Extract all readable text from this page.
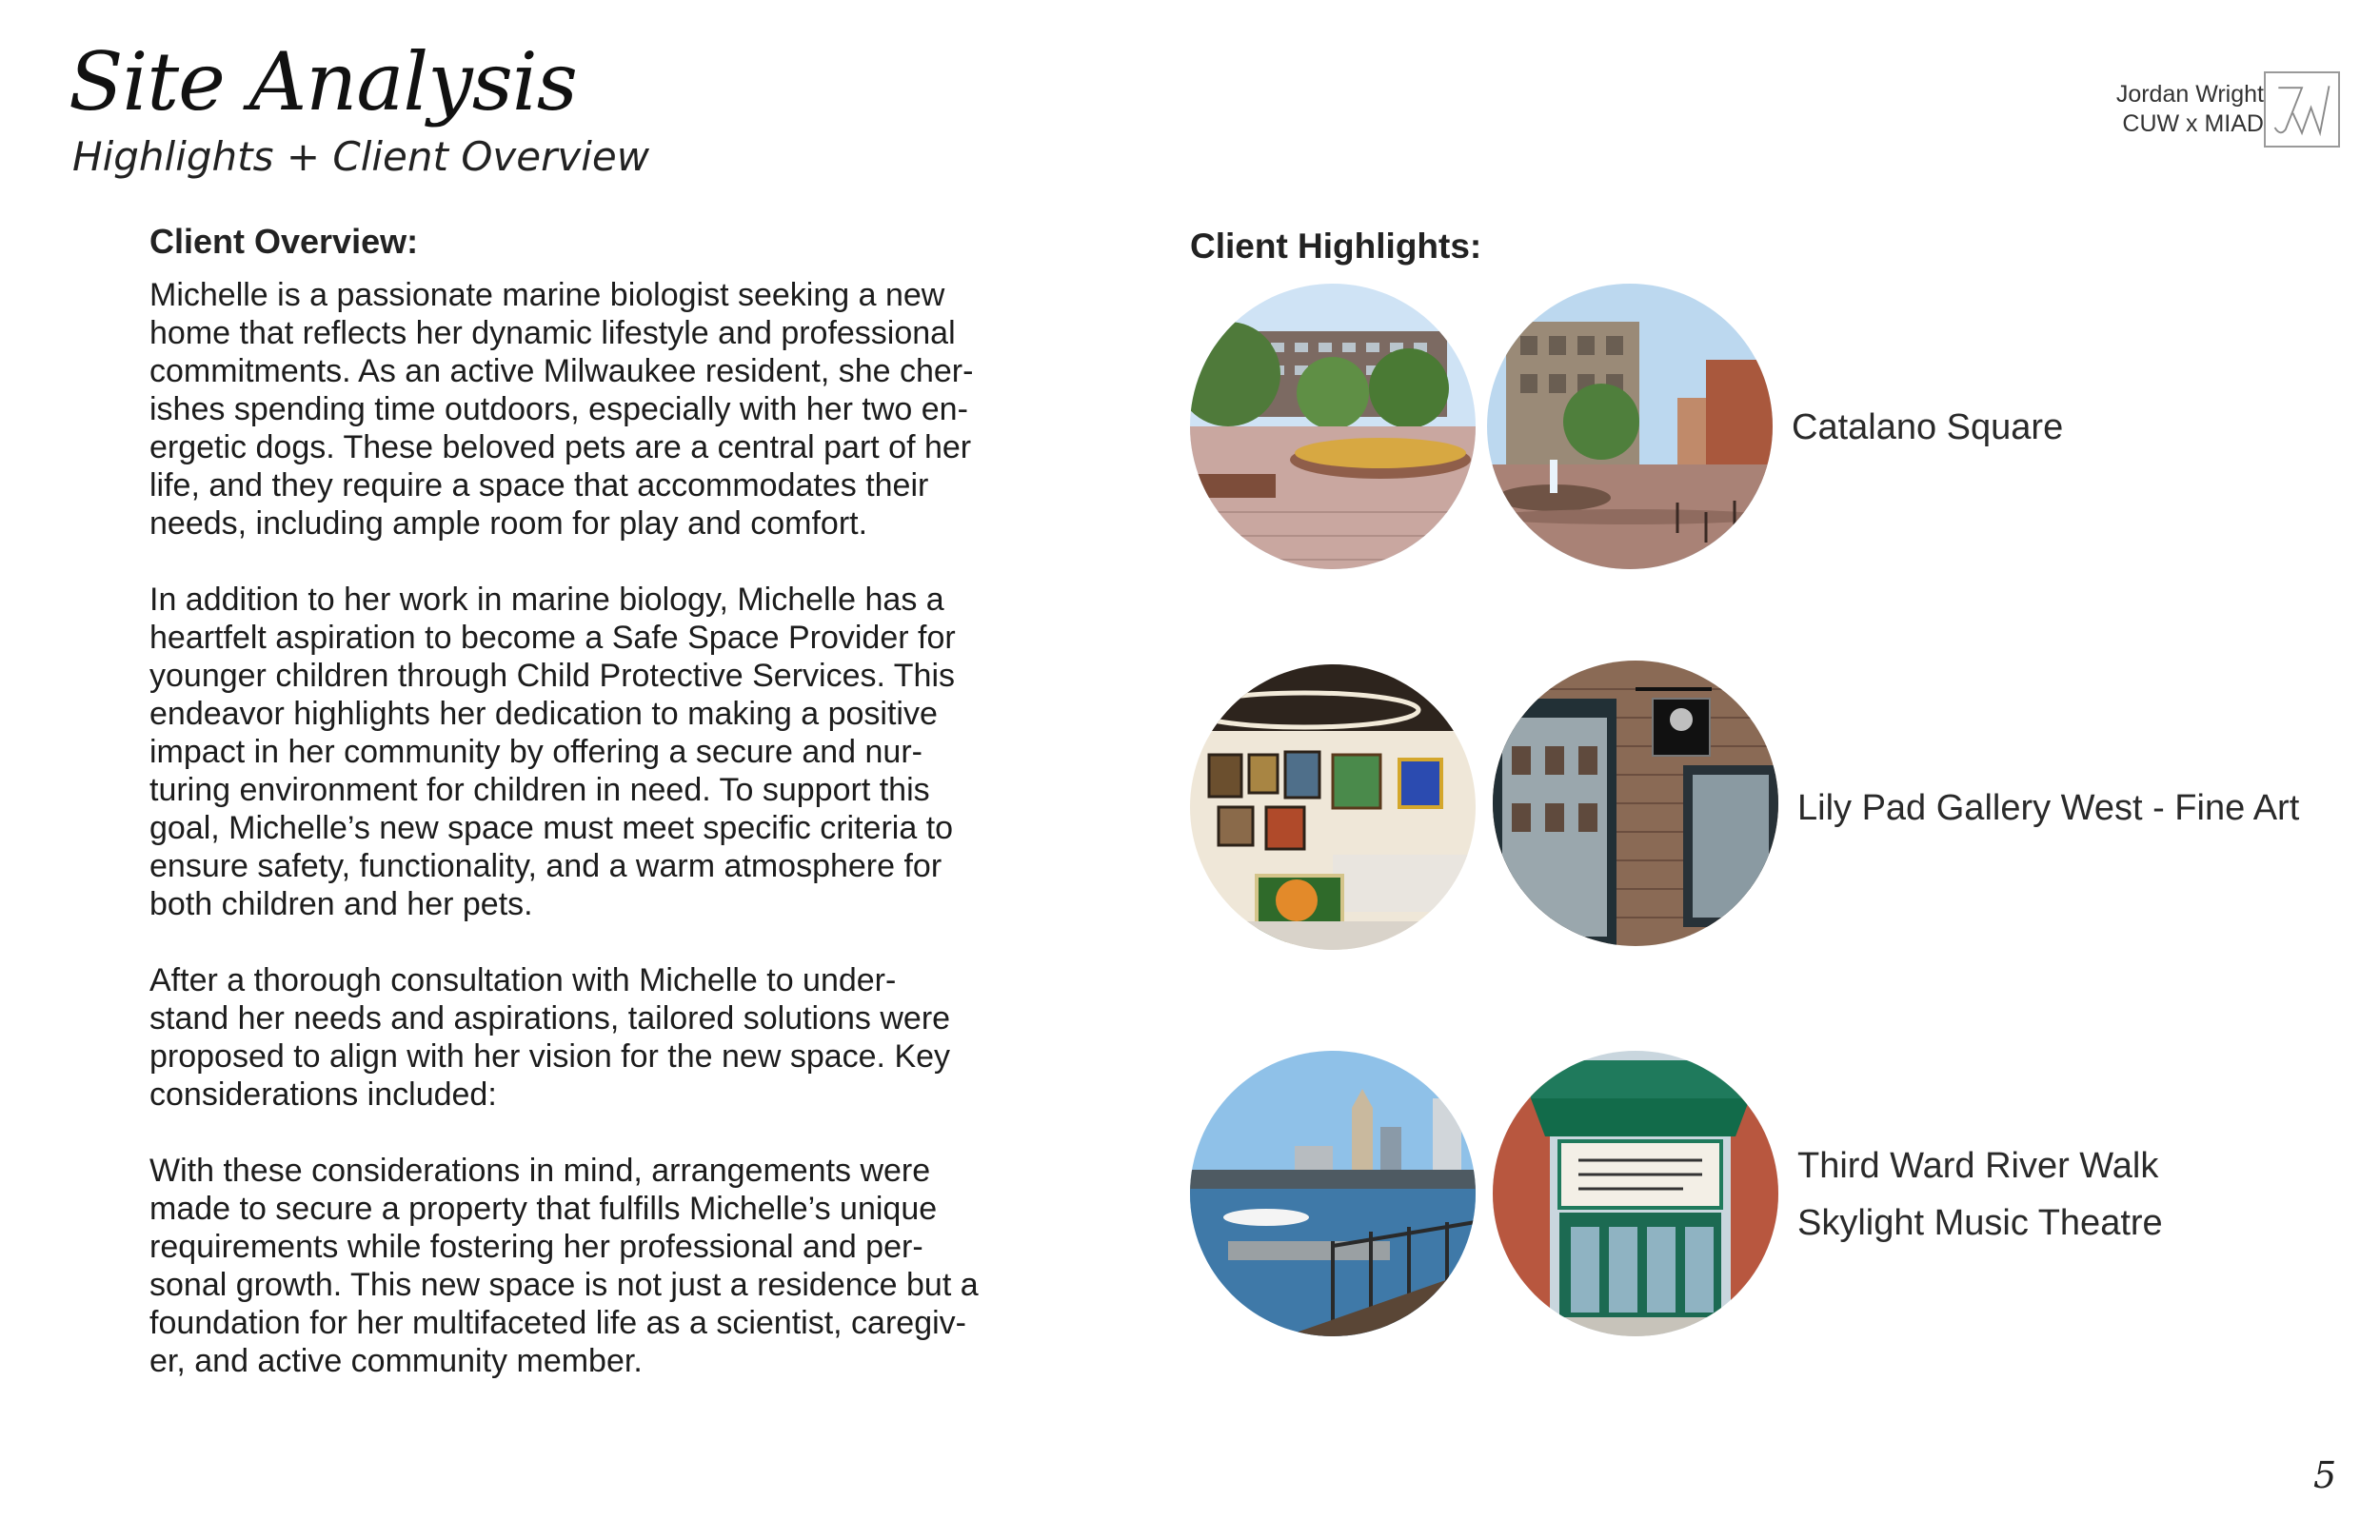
Site Analysis
Highlights + Client Overview
Jordan Wright
CUW x MIAD
Client Overview:

Michelle is a passionate marine biologist seeking a new
home that reflects her dynamic lifestyle and professional
commitments. As an active Milwaukee resident, she cher-
ishes spending time outdoors, especially with her two en-
ergetic dogs. These beloved pets are a central part of her
life, and they require a space that accommodates their
needs, including ample room for play and comfort.

In addition to her work in marine biology, Michelle has a
heartfelt aspiration to become a Safe Space Provider for
younger children through Child Protective Services. This
endeavor highlights her dedication to making a positive
impact in her community by offering a secure and nur-
turing environment for children in need. To support this
goal, Michelle’s new space must meet specific criteria to
ensure safety, functionality, and a warm atmosphere for
both children and her pets.

After a thorough consultation with Michelle to under-
stand her needs and aspirations, tailored solutions were
proposed to align with her vision for the new space. Key
considerations included:

With these considerations in mind, arrangements were
made to secure a property that fulfills Michelle’s unique
requirements while fostering her professional and per-
sonal growth. This new space is not just a residence but a
foundation for her multifaceted life as a scientist, caregiv-
er, and active community member.

Client Highlights:
Catalano Square
Lily Pad Gallery West - Fine Art
Third Ward River Walk
Skylight Music Theatre
5
